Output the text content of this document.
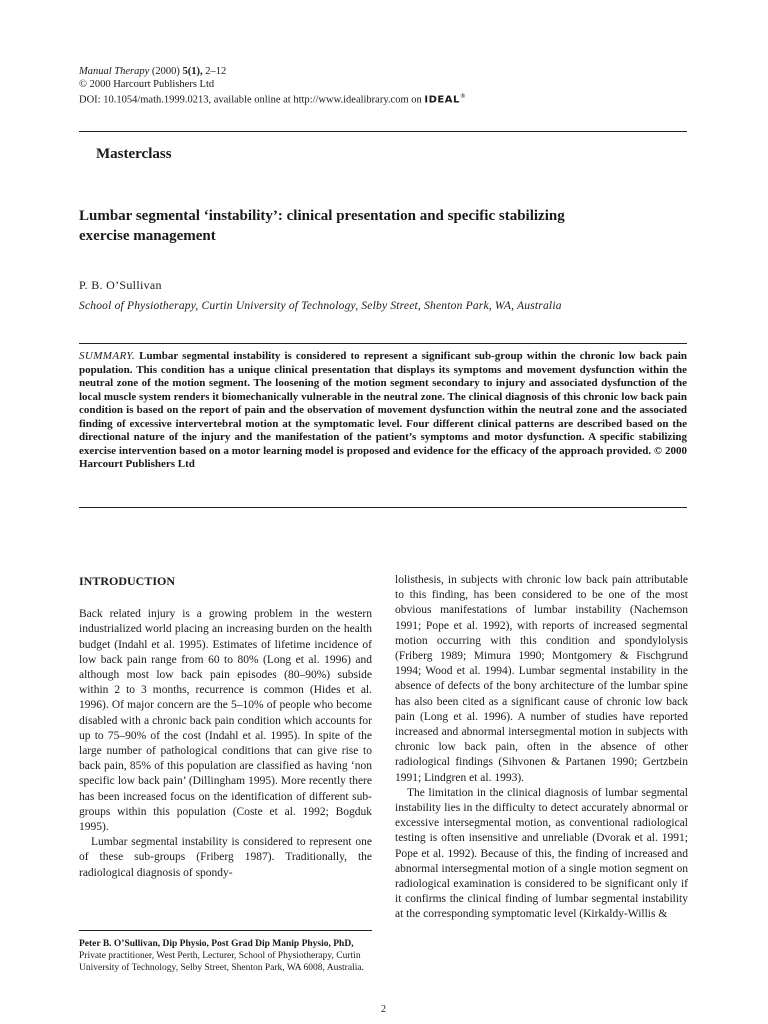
Manual Therapy (2000) 5(1), 2–12
© 2000 Harcourt Publishers Ltd
DOI: 10.1054/math.1999.0213, available online at http://www.idealibrary.com on IDEAL®
Masterclass
Lumbar segmental ‘instability’: clinical presentation and specific stabilizing
exercise management
P. B. O’Sullivan
School of Physiotherapy, Curtin University of Technology, Selby Street, Shenton Park, WA, Australia
SUMMARY. Lumbar segmental instability is considered to represent a significant sub-group within the chronic low back pain population. This condition has a unique clinical presentation that displays its symptoms and movement dysfunction within the neutral zone of the motion segment. The loosening of the motion segment secondary to injury and associated dysfunction of the local muscle system renders it biomechanically vulnerable in the neutral zone. The clinical diagnosis of this chronic low back pain condition is based on the report of pain and the observation of movement dysfunction within the neutral zone and the associated finding of excessive intervertebral motion at the symptomatic level. Four different clinical patterns are described based on the directional nature of the injury and the manifestation of the patient’s symptoms and motor dysfunction. A specific stabilizing exercise intervention based on a motor learning model is proposed and evidence for the efficacy of the approach provided. © 2000 Harcourt Publishers Ltd
INTRODUCTION

Back related injury is a growing problem in the western industrialized world placing an increasing burden on the health budget (Indahl et al. 1995). Estimates of lifetime incidence of low back pain range from 60 to 80% (Long et al. 1996) and although most low back pain episodes (80–90%) subside within 2 to 3 months, recurrence is common (Hides et al. 1996). Of major concern are the 5–10% of people who become disabled with a chronic back pain condition which accounts for up to 75–90% of the cost (Indahl et al. 1995). In spite of the large number of pathological conditions that can give rise to back pain, 85% of this population are classified as having ‘non specific low back pain’ (Dillingham 1995). More recently there has been increased focus on the identification of different sub-groups within this population (Coste et al. 1992; Bogduk 1995).

Lumbar segmental instability is considered to represent one of these sub-groups (Friberg 1987). Traditionally, the radiological diagnosis of spondy-

lolisthesis, in subjects with chronic low back pain attributable to this finding, has been considered to be one of the most obvious manifestations of lumbar instability (Nachemson 1991; Pope et al. 1992), with reports of increased segmental motion occurring with this condition and spondylolysis (Friberg 1989; Mimura 1990; Montgomery & Fischgrund 1994; Wood et al. 1994). Lumbar segmental instability in the absence of defects of the bony architecture of the lumbar spine has also been cited as a significant cause of chronic low back pain (Long et al. 1996). A number of studies have reported increased and abnormal intersegmental motion in subjects with chronic low back pain, often in the absence of other radiological findings (Sihvonen & Partanen 1990; Gertzbein 1991; Lindgren et al. 1993).

The limitation in the clinical diagnosis of lumbar segmental instability lies in the difficulty to detect accurately abnormal or excessive intersegmental motion, as conventional radiological testing is often insensitive and unreliable (Dvorak et al. 1991; Pope et al. 1992). Because of this, the finding of increased and abnormal intersegmental motion of a single motion segment on radiological examination is considered to be significant only if it confirms the clinical finding of lumbar segmental instability at the corresponding symptomatic level (Kirkaldy-Willis &

Peter B. O’Sullivan, Dip Physio, Post Grad Dip Manip Physio, PhD,
Private practitioner, West Perth, Lecturer, School of Physiotherapy, Curtin University of Technology, Selby Street, Shenton Park, WA 6008, Australia.
2
